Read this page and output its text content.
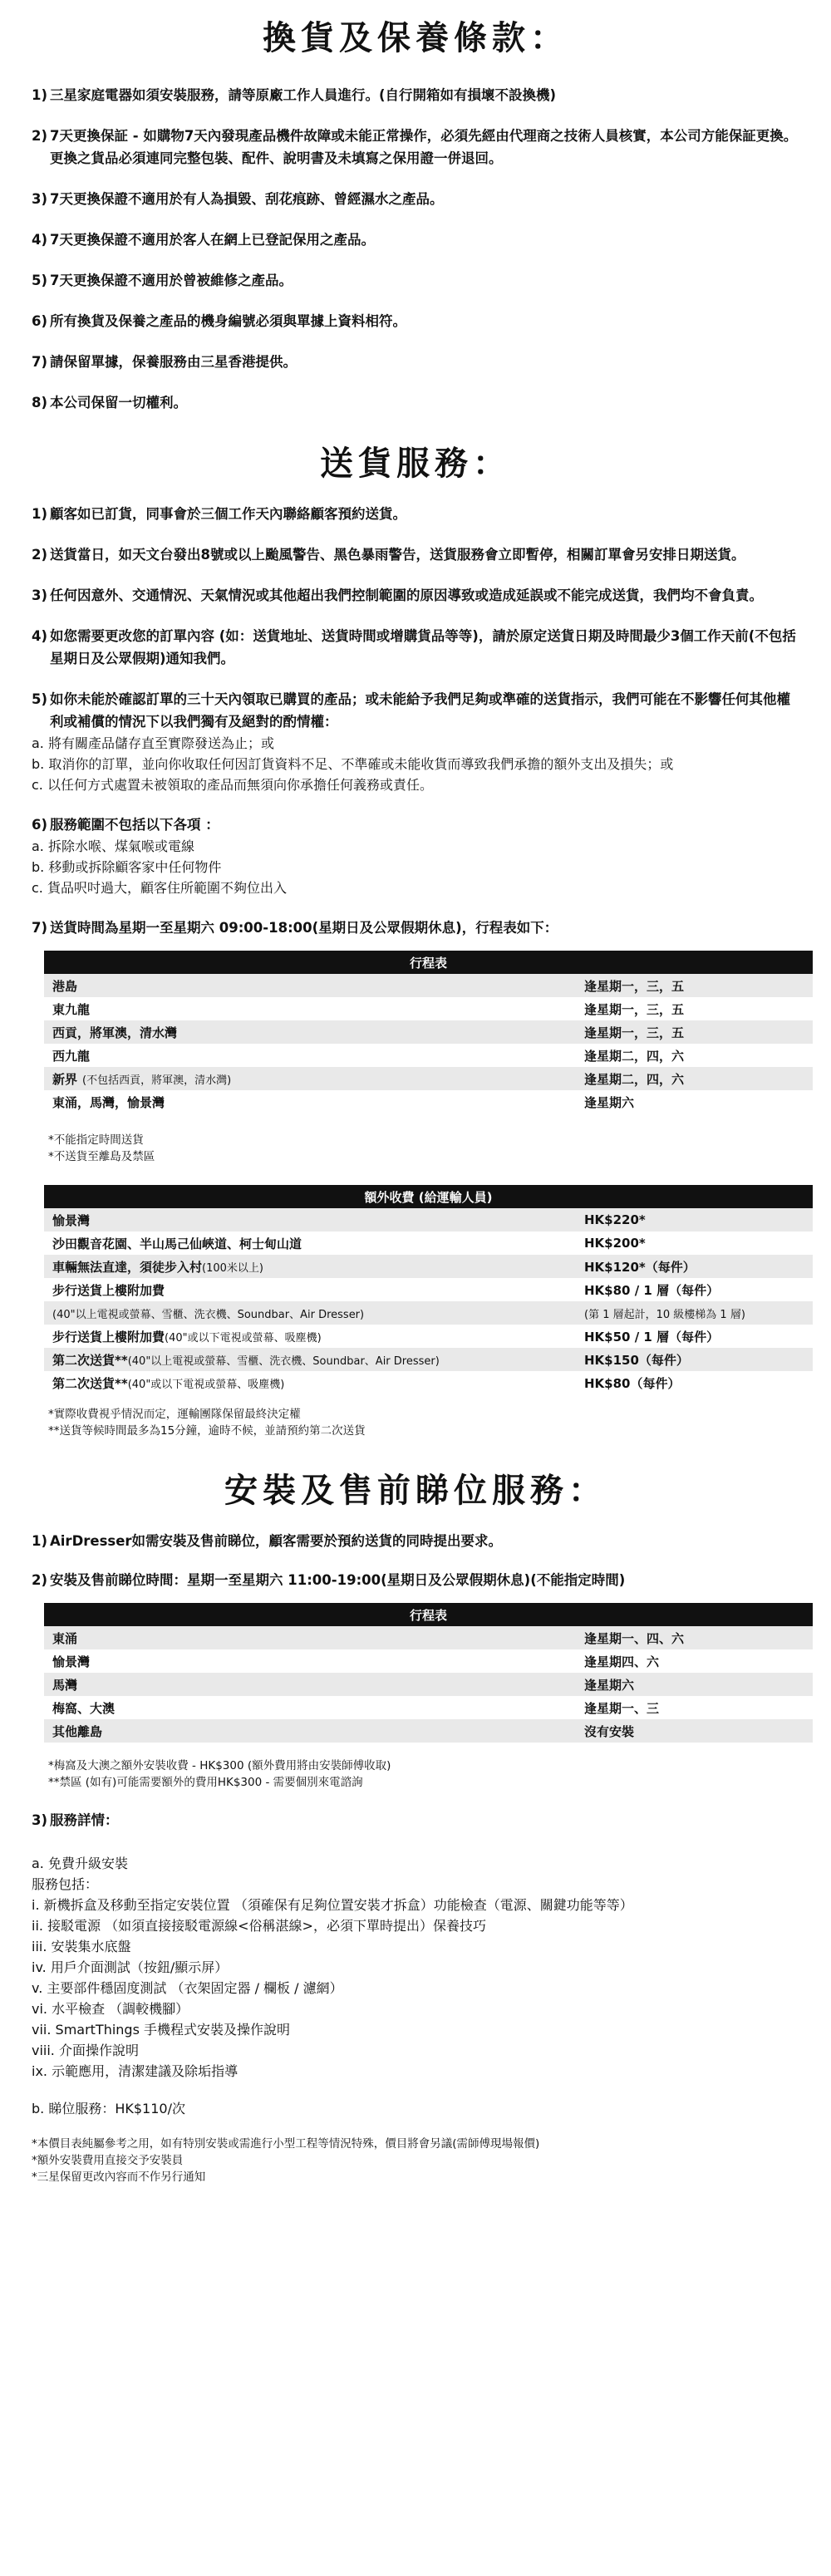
換貨及保養條款：
1) 三星家庭電器如須安裝服務，請等原廠工作人員進行。(自行開箱如有損壞不設換機)
2) 7天更換保証 - 如購物7天內發現產品機件故障或未能正常操作，必須先經由代理商之技術人員核實，本公司方能保証更換。更換之貨品必須連同完整包裝、配件、說明書及未填寫之保用證一併退回。
3) 7天更換保證不適用於有人為損毀、刮花痕跡、曾經濕水之產品。
4) 7天更換保證不適用於客人在網上已登記保用之產品。
5) 7天更換保證不適用於曾被維修之產品。
6) 所有換貨及保養之產品的機身編號必須與單據上資料相符。
7) 請保留單據，保養服務由三星香港提供。
8) 本公司保留一切權利。
送貨服務：
1) 顧客如已訂貨，同事會於三個工作天內聯絡顧客預約送貨。
2) 送貨當日，如天文台發出8號或以上颱風警告、黑色暴雨警告，送貨服務會立即暫停，相關訂單會另安排日期送貨。
3) 任何因意外、交通情況、天氣情況或其他超出我們控制範圍的原因導致或造成延誤或不能完成送貨，我們均不會負責。
4) 如您需要更改您的訂單內容 (如：送貨地址、送貨時間或增購貨品等等)，請於原定送貨日期及時間最少3個工作天前(不包括星期日及公眾假期)通知我們。
5) 如你未能於確認訂單的三十天內領取已購買的產品；或未能給予我們足夠或準確的送貨指示，我們可能在不影響任何其他權利或補償的情況下以我們獨有及絕對的酌情權：

a. 將有關產品儲存直至實際發送為止；或

b. 取消你的訂單，並向你收取任何因訂貨資料不足、不準確或未能收貨而導致我們承擔的額外支出及損失；或

c. 以任何方式處置未被領取的產品而無須向你承擔任何義務或責任。

6) 服務範圍不包括以下各項 ：

a. 拆除水喉、煤氣喉或電線

b. 移動或拆除顧客家中任何物件

c. 貨品呎吋過大，顧客住所範圍不夠位出入

7) 送貨時間為星期一至星期六 09:00-18:00(星期日及公眾假期休息)，行程表如下：
行程表	
港島	逢星期一，三，五
東九龍	逢星期一，三，五
西貢，將軍澳，清水灣	逢星期一，三，五
西九龍	逢星期二，四，六
新界 (不包括西貢，將軍澳，清水灣)	逢星期二，四，六
東涌，馬灣，愉景灣	逢星期六
*不能指定時間送貨
*不送貨至離島及禁區
額外收費 (給運輸人員)	
愉景灣	HK$220*
沙田觀音花園、半山馬己仙峽道、柯士甸山道	HK$200*
車輛無法直達，須徒步入村(100米以上)	HK$120*（每件）
步行送貨上樓附加費	HK$80 / 1 層（每件）
(40"以上電視或螢幕、雪櫃、洗衣機、Soundbar、Air Dresser)	(第 1 層起計，10 級樓梯為 1 層)
步行送貨上樓附加費(40"或以下電視或螢幕、吸塵機)	HK$50 / 1 層（每件）
第二次送貨**(40"以上電視或螢幕、雪櫃、洗衣機、Soundbar、Air Dresser)	HK$150（每件）
第二次送貨**(40"或以下電視或螢幕、吸塵機)	HK$80（每件）
*實際收費視乎情況而定，運輸團隊保留最終決定權
**送貨等候時間最多為15分鐘，逾時不候，並請預約第二次送貨
安裝及售前睇位服務：
1) AirDresser如需安裝及售前睇位，顧客需要於預約送貨的同時提出要求。
2) 安裝及售前睇位時間：星期一至星期六 11:00-19:00(星期日及公眾假期休息)(不能指定時間)
行程表	
東涌	逢星期一、四、六
愉景灣	逢星期四、六
馬灣	逢星期六
梅窩、大澳	逢星期一、三
其他離島	沒有安裝
*梅窩及大澳之額外安裝收費 - HK$300 (額外費用將由安裝師傅收取)
**禁區 (如有)可能需要額外的費用HK$300 - 需要個別來電諮詢
3) 服務詳情：

a. 免費升級安裝

服務包括：

i. 新機拆盒及移動至指定安裝位置 （須確保有足夠位置安裝才拆盒）功能檢查（電源、關鍵功能等等）

ii. 接駁電源 （如須直接接駁電源線<俗稱湛線>，必須下單時提出）保養技巧

iii. 安裝集水底盤

iv. 用戶介面測試（按鈕/顯示屏）

v. 主要部件穩固度測試 （衣架固定器 / 欄板 / 濾網）

vi. 水平檢查 （調較機腳）

vii. SmartThings 手機程式安裝及操作說明

viii. 介面操作說明

ix. 示範應用，清潔建議及除垢指導

b. 睇位服務：HK$110/次

*本價目表純屬參考之用，如有特別安裝或需進行小型工程等情況特殊，價目將會另議(需師傅現場報價)
*額外安裝費用直接交予安裝員
*三星保留更改內容而不作另行通知
